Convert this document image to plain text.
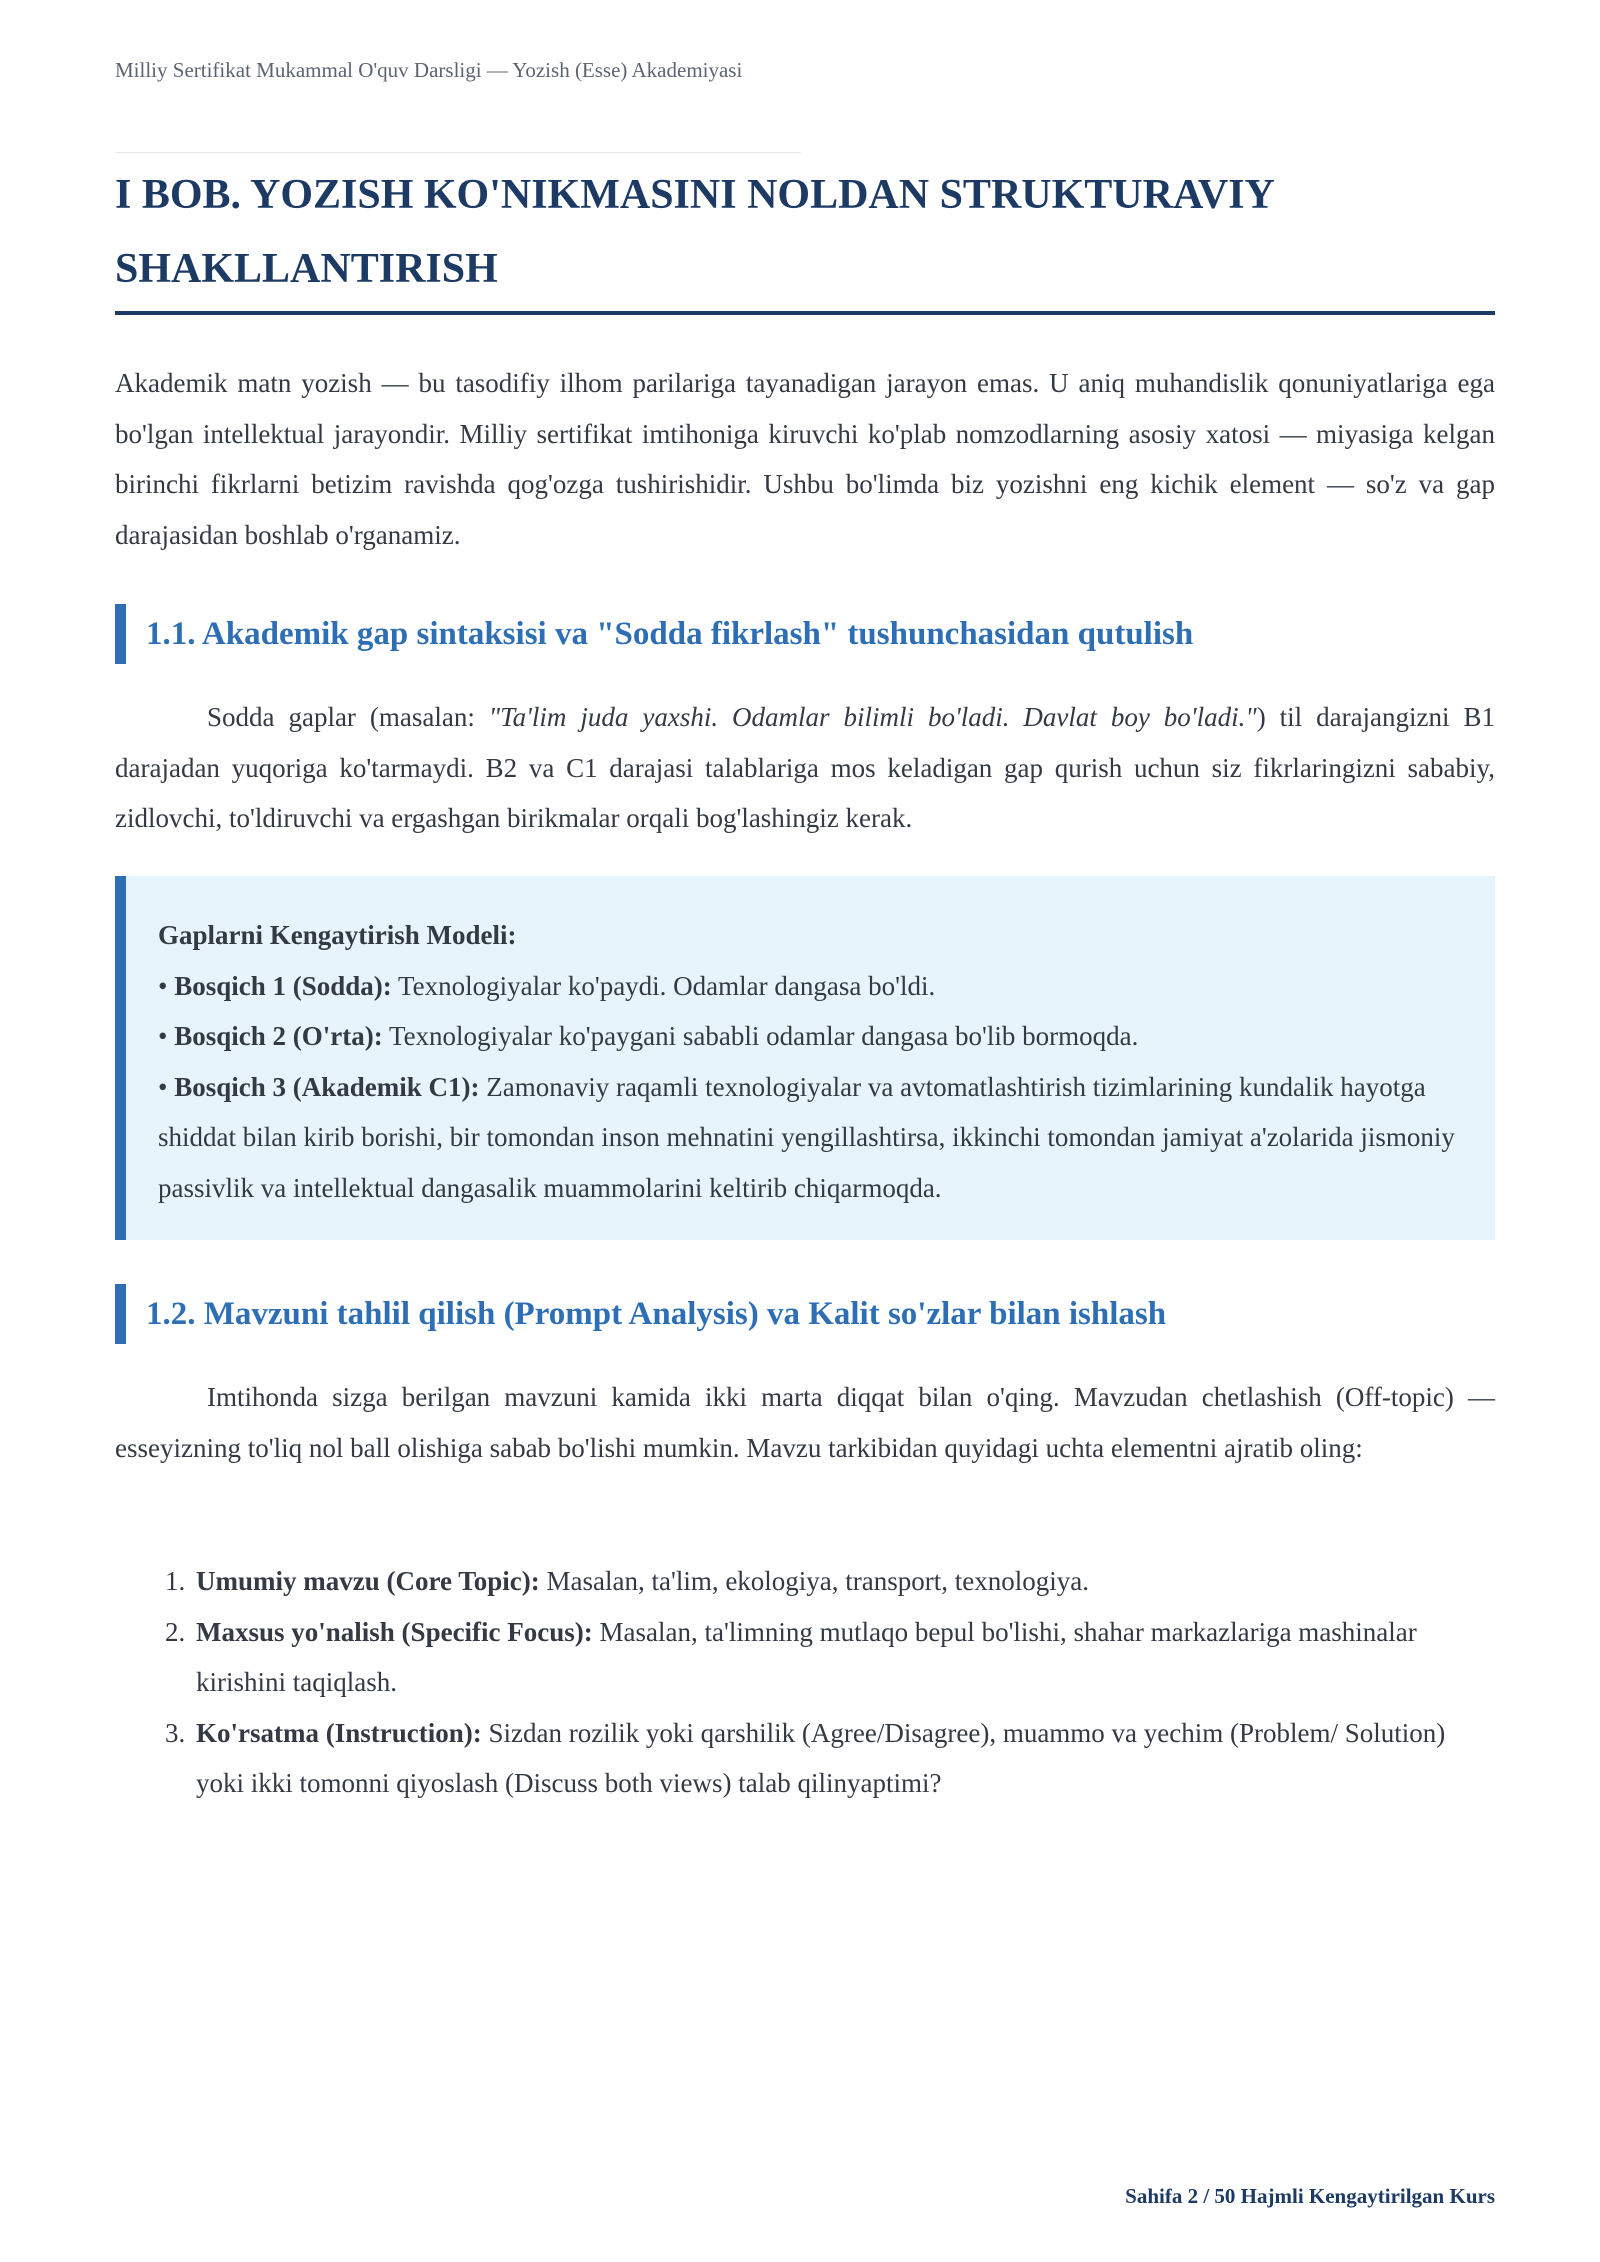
Milliy Sertifikat Mukammal O'quv Darsligi — Yozish (Esse) Akademiyasi
I BOB. YOZISH KO'NIKMASINI NOLDAN STRUKTURAVIY SHAKLLANTIRISH

Akademik matn yozish — bu tasodifiy ilhom parilariga tayanadigan jarayon emas. U aniq muhandislik qonuniyatlariga ega bo'lgan intellektual jarayondir. Milliy sertifikat imtihoniga kiruvchi ko'plab nomzodlarning asosiy xatosi — miyasiga kelgan birinchi fikrlarni betizim ravishda qog'ozga tushirishidir. Ushbu bo'limda biz yozishni eng kichik element — so'z va gap darajasidan boshlab o'rganamiz.

1.1. Akademik gap sintaksisi va "Sodda fikrlash" tushunchasidan qutulish

Sodda gaplar (masalan: "Ta'lim juda yaxshi. Odamlar bilimli bo'ladi. Davlat boy bo'ladi.") til darajangizni B1 darajadan yuqoriga ko'tarmaydi. B2 va C1 darajasi talablariga mos keladigan gap qurish uchun siz fikrlaringizni sababiy, zidlovchi, to'ldiruvchi va ergashgan birikmalar orqali bog'lashingiz kerak.

Gaplarni Kengaytirish Modeli:
• Bosqich 1 (Sodda): Texnologiyalar ko'paydi. Odamlar dangasa bo'ldi.
• Bosqich 2 (O'rta): Texnologiyalar ko'paygani sababli odamlar dangasa bo'lib bormoqda.
• Bosqich 3 (Akademik C1): Zamonaviy raqamli texnologiyalar va avtomatlashtirish tizimlarining kundalik hayotga shiddat bilan kirib borishi, bir tomondan inson mehnatini yengillashtirsa, ikkinchi tomondan jamiyat a'zolarida jismoniy passivlik va intellektual dangasalik muammolarini keltirib chiqarmoqda.
1.2. Mavzuni tahlil qilish (Prompt Analysis) va Kalit so'zlar bilan ishlash

Imtihonda sizga berilgan mavzuni kamida ikki marta diqqat bilan o'qing. Mavzudan chetlashish (Off-topic) — esseyizning to'liq nol ball olishiga sabab bo'lishi mumkin. Mavzu tarkibidan quyidagi uchta elementni ajratib oling:

1. Umumiy mavzu (Core Topic): Masalan, ta'lim, ekologiya, transport, texnologiya.
2. Maxsus yo'nalish (Specific Focus): Masalan, ta'limning mutlaqo bepul bo'lishi, shahar markazlariga mashinalar kirishini taqiqlash.
3. Ko'rsatma (Instruction): Sizdan rozilik yoki qarshilik (Agree/Disagree), muammo va yechim (Problem/ Solution) yoki ikki tomonni qiyoslash (Discuss both views) talab qilinyaptimi?
Sahifa 2 / 50 Hajmli Kengaytirilgan Kurs
